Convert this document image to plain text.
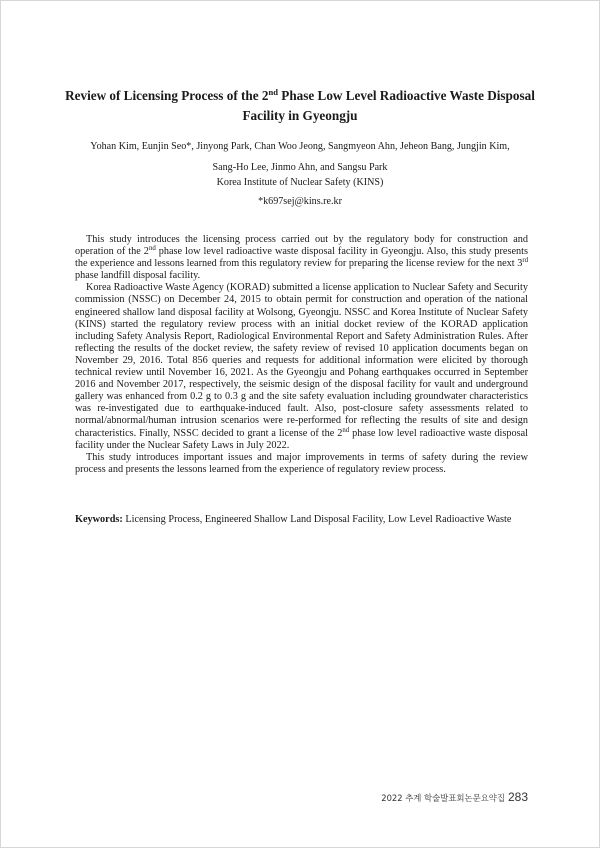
Review of Licensing Process of the 2nd Phase Low Level Radioactive Waste Disposal Facility in Gyeongju
Yohan Kim, Eunjin Seo*, Jinyong Park, Chan Woo Jeong, Sangmyeon Ahn, Jeheon Bang, Jungjin Kim,
Sang-Ho Lee, Jinmo Ahn, and Sangsu Park
Korea Institute of Nuclear Safety (KINS)
*k697sej@kins.re.kr

This study introduces the licensing process carried out by the regulatory body for construction and operation of the 2nd phase low level radioactive waste disposal facility in Gyeongju. Also, this study presents the experience and lessons learned from this regulatory review for preparing the license review for the next 3rd phase landfill disposal facility.

Korea Radioactive Waste Agency (KORAD) submitted a license application to Nuclear Safety and Security commission (NSSC) on December 24, 2015 to obtain permit for construction and operation of the national engineered shallow land disposal facility at Wolsong, Gyeongju. NSSC and Korea Institute of Nuclear Safety (KINS) started the regulatory review process with an initial docket review of the KORAD application including Safety Analysis Report, Radiological Environmental Report and Safety Administration Rules. After reflecting the results of the docket review, the safety review of revised 10 application documents began on November 29, 2016. Total 856 queries and requests for additional information were elicited by thorough technical review until November 16, 2021. As the Gyeongju and Pohang earthquakes occurred in September 2016 and November 2017, respectively, the seismic design of the disposal facility for vault and underground gallery was enhanced from 0.2 g to 0.3 g and the site safety evaluation including groundwater characteristics was re-investigated due to earthquake-induced fault. Also, post-closure safety assessments related to normal/abnormal/human intrusion scenarios were re-performed for reflecting the results of site and design characteristics. Finally, NSSC decided to grant a license of the 2nd phase low level radioactive waste disposal facility under the Nuclear Safety Laws in July 2022.

This study introduces important issues and major improvements in terms of safety during the review process and presents the lessons learned from the experience of regulatory review process.

Keywords: Licensing Process, Engineered Shallow Land Disposal Facility, Low Level Radioactive Waste
2022 추계 학술발표회논문요약집 283
